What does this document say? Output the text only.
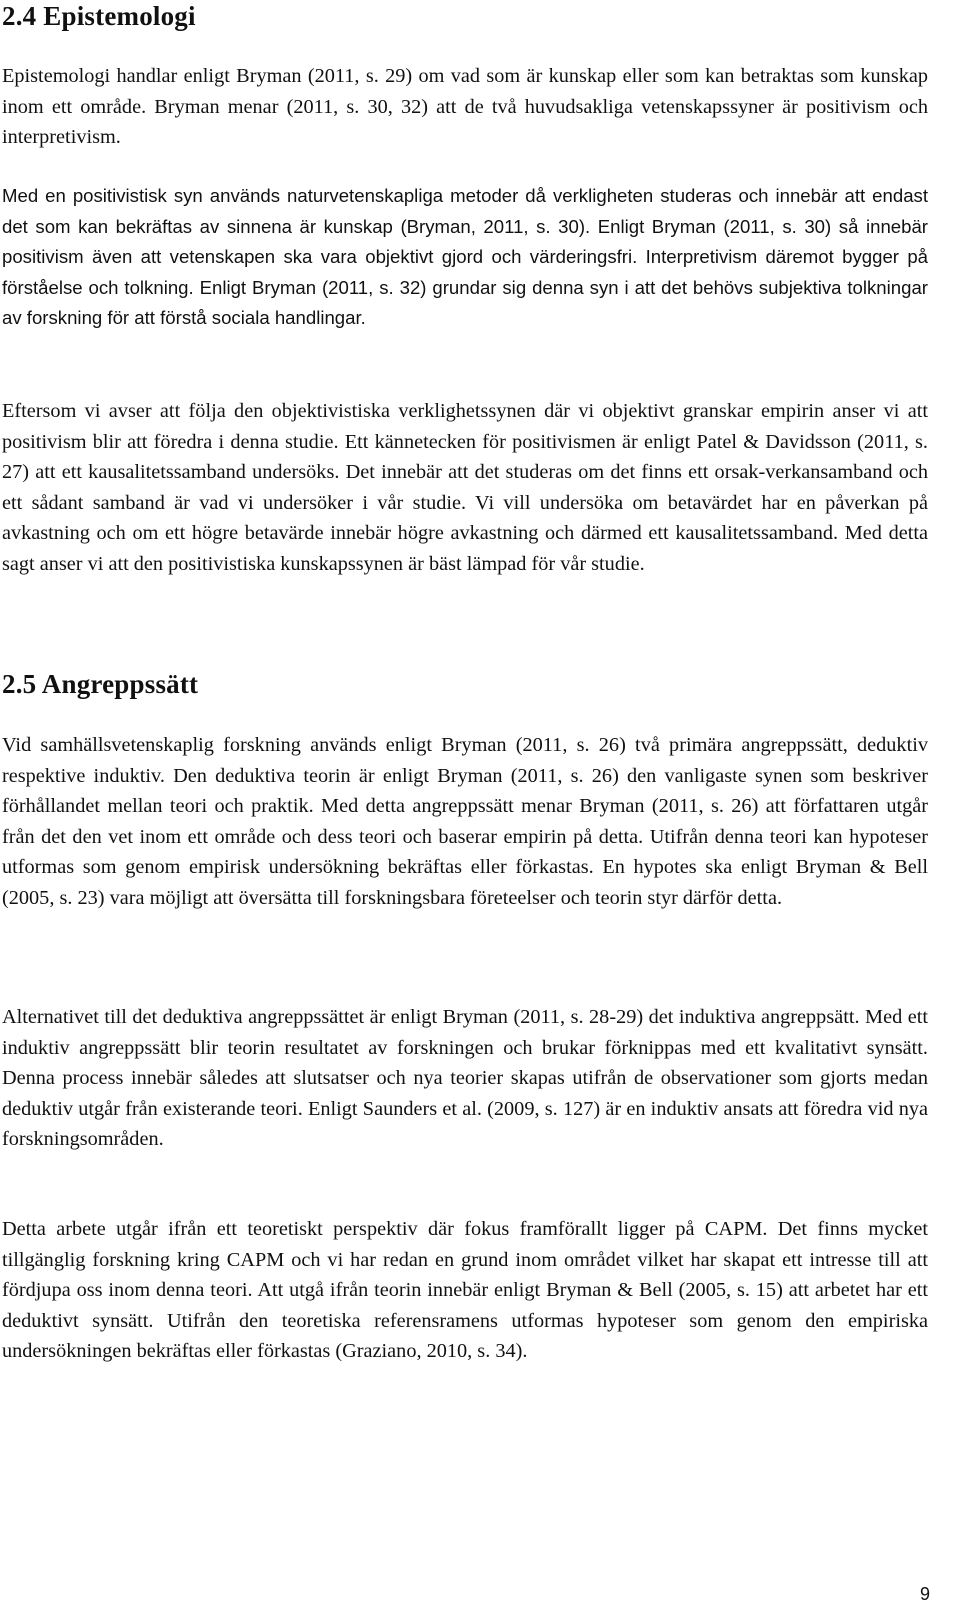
2.4 Epistemologi

Epistemologi handlar enligt Bryman (2011, s. 29) om vad som är kunskap eller som kan betraktas som kunskap inom ett område. Bryman menar (2011, s. 30, 32) att de två huvudsakliga vetenskapssyner är positivism och interpretivism.

Med en positivistisk syn används naturvetenskapliga metoder då verkligheten studeras och innebär att endast det som kan bekräftas av sinnena är kunskap (Bryman, 2011, s. 30). Enligt Bryman (2011, s. 30) så innebär positivism även att vetenskapen ska vara objektivt gjord och värderingsfri. Interpretivism däremot bygger på förståelse och tolkning. Enligt Bryman (2011, s. 32) grundar sig denna syn i att det behövs subjektiva tolkningar av forskning för att förstå sociala handlingar.

Eftersom vi avser att följa den objektivistiska verklighetssynen där vi objektivt granskar empirin anser vi att positivism blir att föredra i denna studie. Ett kännetecken för positivismen är enligt Patel & Davidsson (2011, s. 27) att ett kausalitetssamband undersöks. Det innebär att det studeras om det finns ett orsak-verkansamband och ett sådant samband är vad vi undersöker i vår studie. Vi vill undersöka om betavärdet har en påverkan på avkastning och om ett högre betavärde innebär högre avkastning och därmed ett kausalitetssamband. Med detta sagt anser vi att den positivistiska kunskapssynen är bäst lämpad för vår studie.

2.5 Angreppssätt

Vid samhällsvetenskaplig forskning används enligt Bryman (2011, s. 26) två primära angreppssätt, deduktiv respektive induktiv. Den deduktiva teorin är enligt Bryman (2011, s. 26) den vanligaste synen som beskriver förhållandet mellan teori och praktik. Med detta angreppssätt menar Bryman (2011, s. 26) att författaren utgår från det den vet inom ett område och dess teori och baserar empirin på detta. Utifrån denna teori kan hypoteser utformas som genom empirisk undersökning bekräftas eller förkastas. En hypotes ska enligt Bryman & Bell (2005, s. 23) vara möjligt att översätta till forskningsbara företeelser och teorin styr därför detta.

Alternativet till det deduktiva angreppssättet är enligt Bryman (2011, s. 28-29) det induktiva angreppsätt. Med ett induktiv angreppssätt blir teorin resultatet av forskningen och brukar förknippas med ett kvalitativt synsätt. Denna process innebär således att slutsatser och nya teorier skapas utifrån de observationer som gjorts medan deduktiv utgår från existerande teori. Enligt Saunders et al. (2009, s. 127) är en induktiv ansats att föredra vid nya forskningsområden.

Detta arbete utgår ifrån ett teoretiskt perspektiv där fokus framförallt ligger på CAPM. Det finns mycket tillgänglig forskning kring CAPM och vi har redan en grund inom området vilket har skapat ett intresse till att fördjupa oss inom denna teori. Att utgå ifrån teorin innebär enligt Bryman & Bell (2005, s. 15) att arbetet har ett deduktivt synsätt. Utifrån den teoretiska referensramens utformas hypoteser som genom den empiriska undersökningen bekräftas eller förkastas (Graziano, 2010, s. 34).

9
